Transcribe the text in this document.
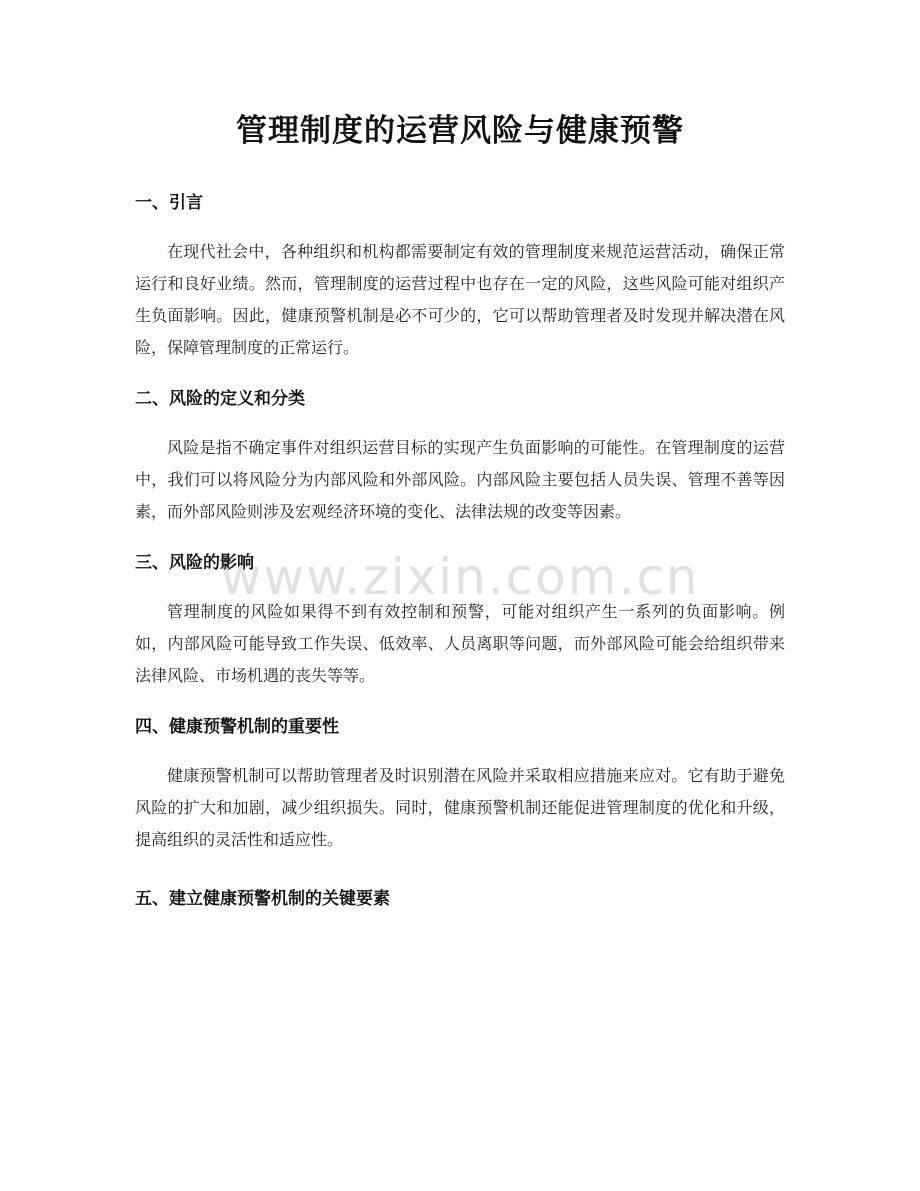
管理制度的运营风险与健康预警
一、引言

在现代社会中，各种组织和机构都需要制定有效的管理制度来规范运营活动，确保正常运行和良好业绩。然而，管理制度的运营过程中也存在一定的风险，这些风险可能对组织产生负面影响。因此，健康预警机制是必不可少的，它可以帮助管理者及时发现并解决潜在风险，保障管理制度的正常运行。

二、风险的定义和分类

风险是指不确定事件对组织运营目标的实现产生负面影响的可能性。在管理制度的运营中，我们可以将风险分为内部风险和外部风险。内部风险主要包括人员失误、管理不善等因素，而外部风险则涉及宏观经济环境的变化、法律法规的改变等因素。

三、风险的影响

管理制度的风险如果得不到有效控制和预警，可能对组织产生一系列的负面影响。例如，内部风险可能导致工作失误、低效率、人员离职等问题，而外部风险可能会给组织带来法律风险、市场机遇的丧失等等。

四、健康预警机制的重要性

健康预警机制可以帮助管理者及时识别潜在风险并采取相应措施来应对。它有助于避免风险的扩大和加剧，减少组织损失。同时，健康预警机制还能促进管理制度的优化和升级，提高组织的灵活性和适应性。

五、建立健康预警机制的关键要素
www.zixin.com.cn
